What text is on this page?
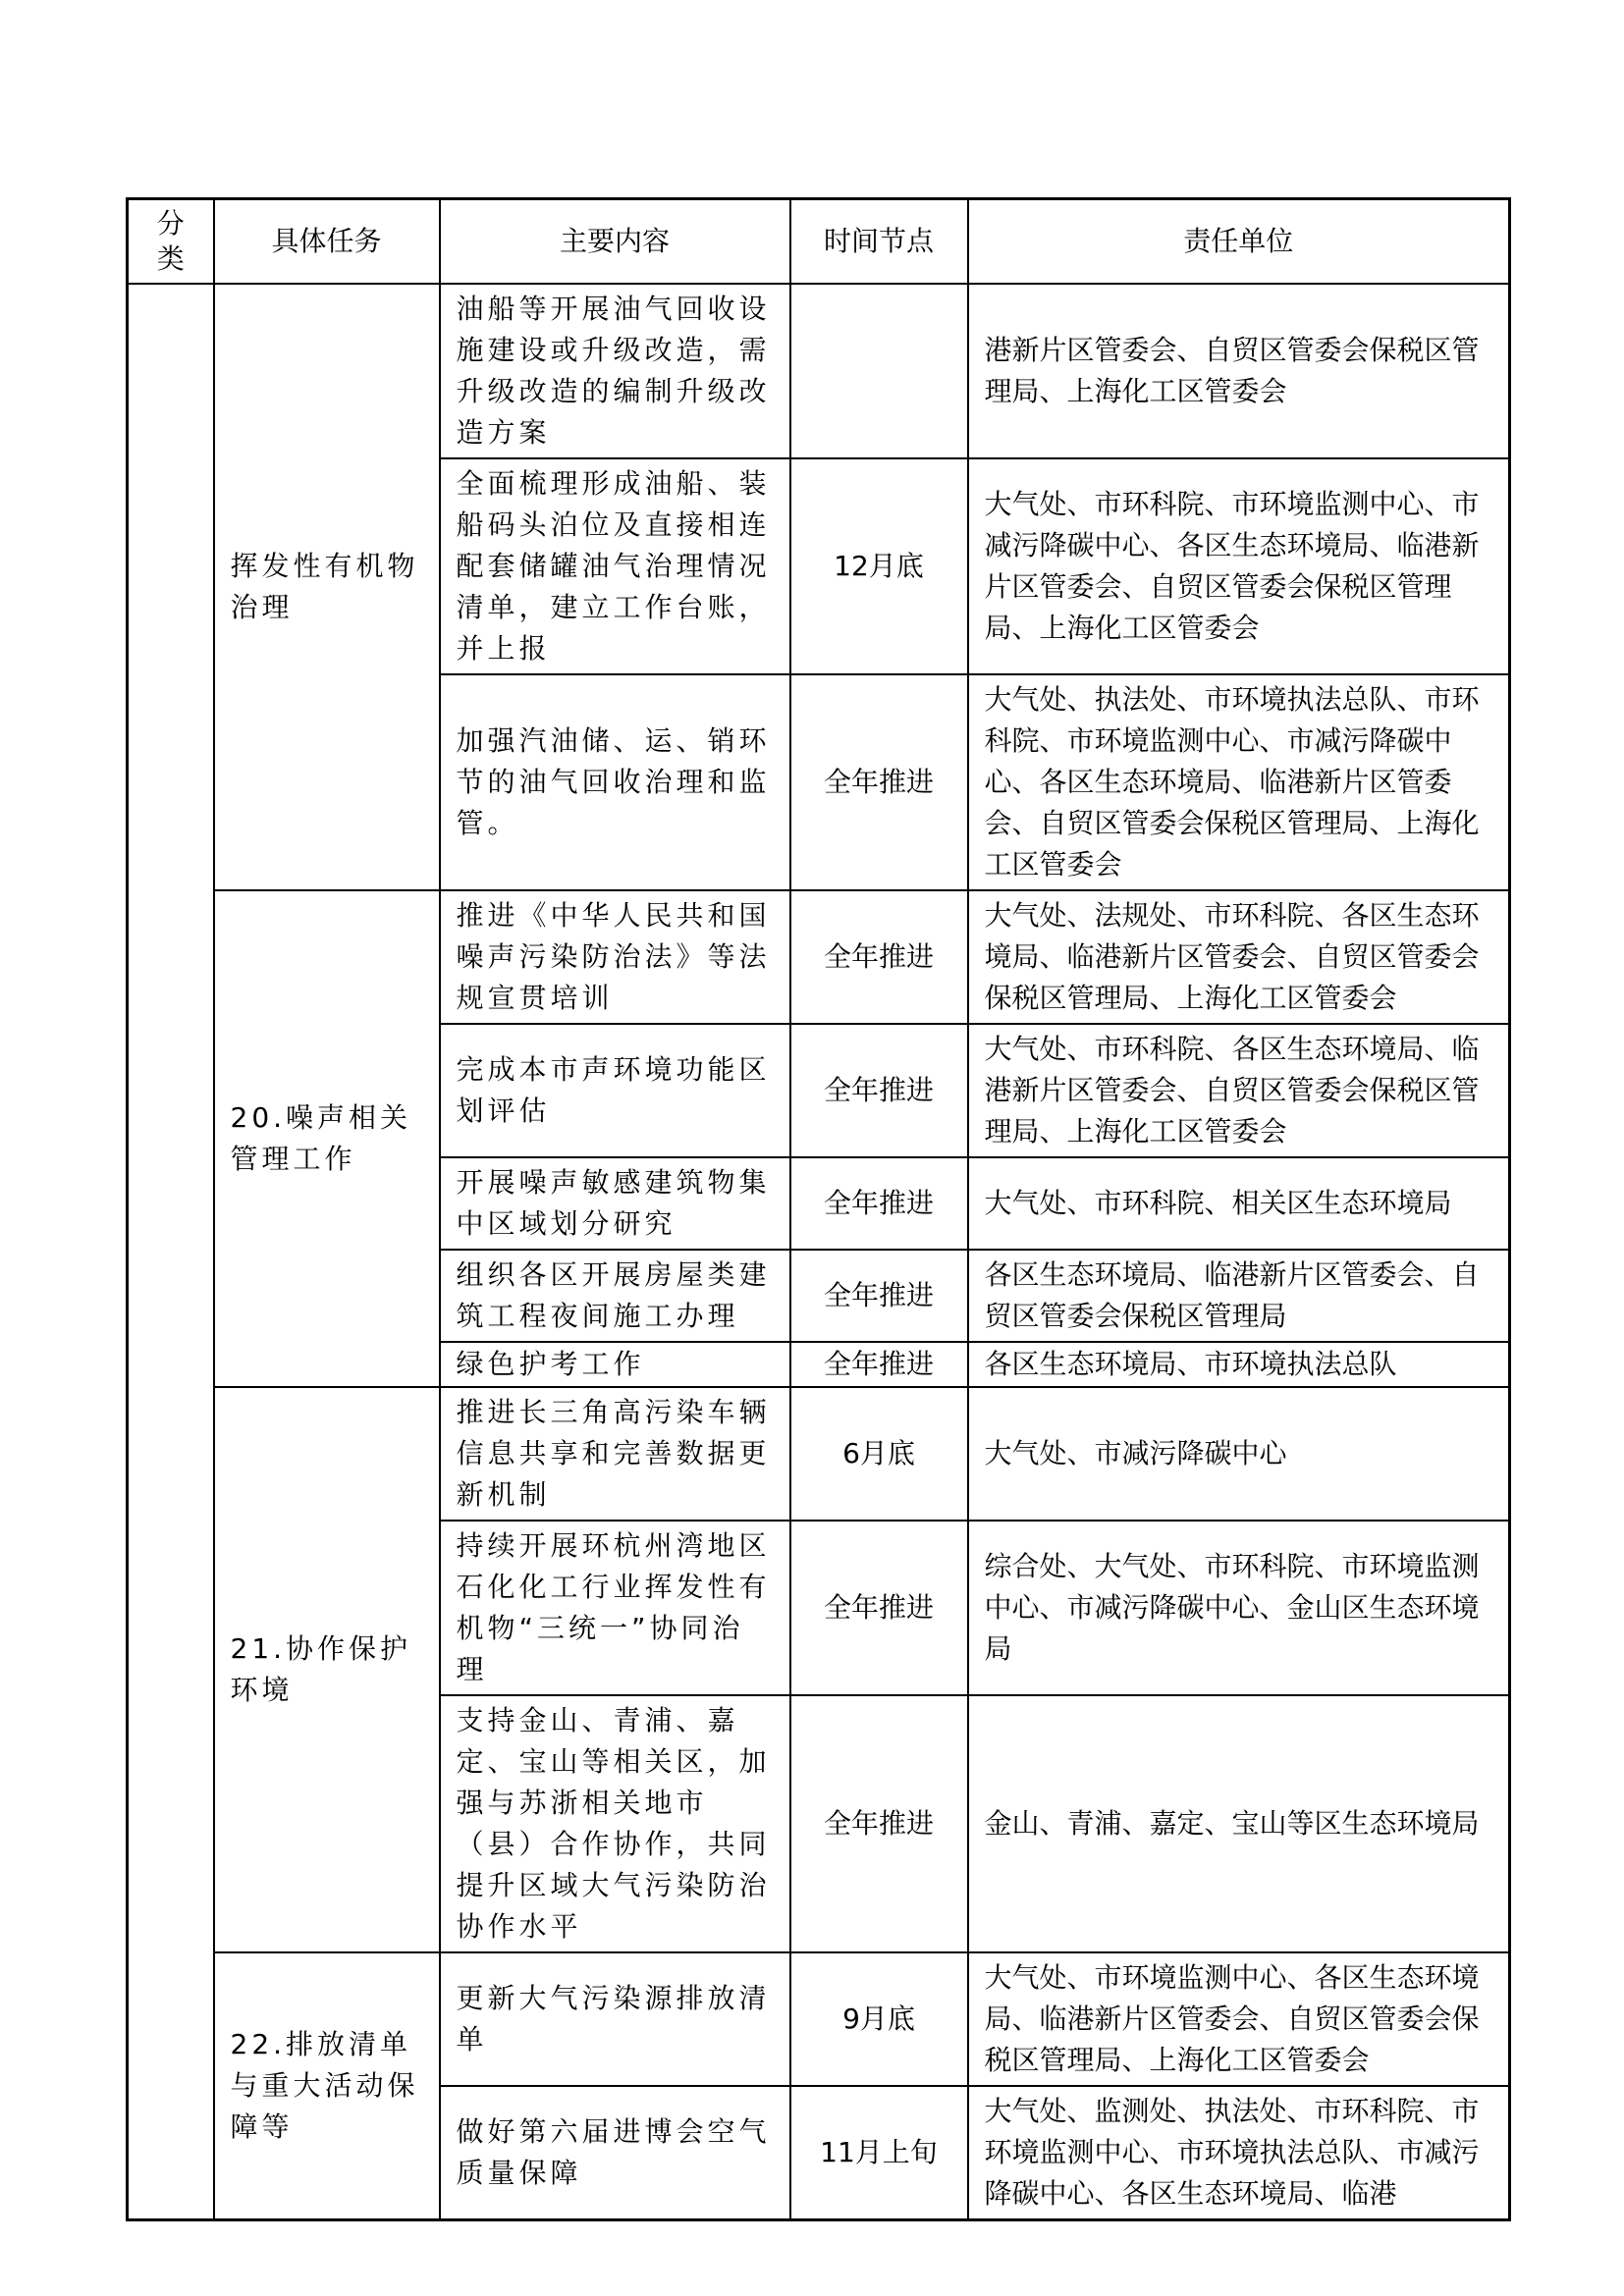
分类	具体任务	主要内容	时间节点	责任单位
	挥发性有机物治理	油船等开展油气回收设施建设或升级改造，需升级改造的编制升级改造方案		港新片区管委会、自贸区管委会保税区管理局、上海化工区管委会
		全面梳理形成油船、装船码头泊位及直接相连配套储罐油气治理情况清单，建立工作台账，并上报	12月底	大气处、市环科院、市环境监测中心、市减污降碳中心、各区生态环境局、临港新片区管委会、自贸区管委会保税区管理局、上海化工区管委会
		加强汽油储、运、销环节的油气回收治理和监管。	全年推进	大气处、执法处、市环境执法总队、市环科院、市环境监测中心、市减污降碳中心、各区生态环境局、临港新片区管委会、自贸区管委会保税区管理局、上海化工区管委会
	20.噪声相关管理工作	推进《中华人民共和国噪声污染防治法》等法规宣贯培训	全年推进	大气处、法规处、市环科院、各区生态环境局、临港新片区管委会、自贸区管委会保税区管理局、上海化工区管委会
		完成本市声环境功能区划评估	全年推进	大气处、市环科院、各区生态环境局、临港新片区管委会、自贸区管委会保税区管理局、上海化工区管委会
		开展噪声敏感建筑物集中区域划分研究	全年推进	大气处、市环科院、相关区生态环境局
		组织各区开展房屋类建筑工程夜间施工办理	全年推进	各区生态环境局、临港新片区管委会、自贸区管委会保税区管理局
		绿色护考工作	全年推进	各区生态环境局、市环境执法总队
	21.协作保护环境	推进长三角高污染车辆信息共享和完善数据更新机制	6月底	大气处、市减污降碳中心
		持续开展环杭州湾地区石化化工行业挥发性有机物“三统一”协同治理	全年推进	综合处、大气处、市环科院、市环境监测中心、市减污降碳中心、金山区生态环境局
		支持金山、青浦、嘉定、宝山等相关区，加强与苏浙相关地市（县）合作协作，共同提升区域大气污染防治协作水平	全年推进	金山、青浦、嘉定、宝山等区生态环境局
	22.排放清单与重大活动保障等	更新大气污染源排放清单	9月底	大气处、市环境监测中心、各区生态环境局、临港新片区管委会、自贸区管委会保税区管理局、上海化工区管委会
		做好第六届进博会空气质量保障	11月上旬	大气处、监测处、执法处、市环科院、市环境监测中心、市环境执法总队、市减污降碳中心、各区生态环境局、临港
